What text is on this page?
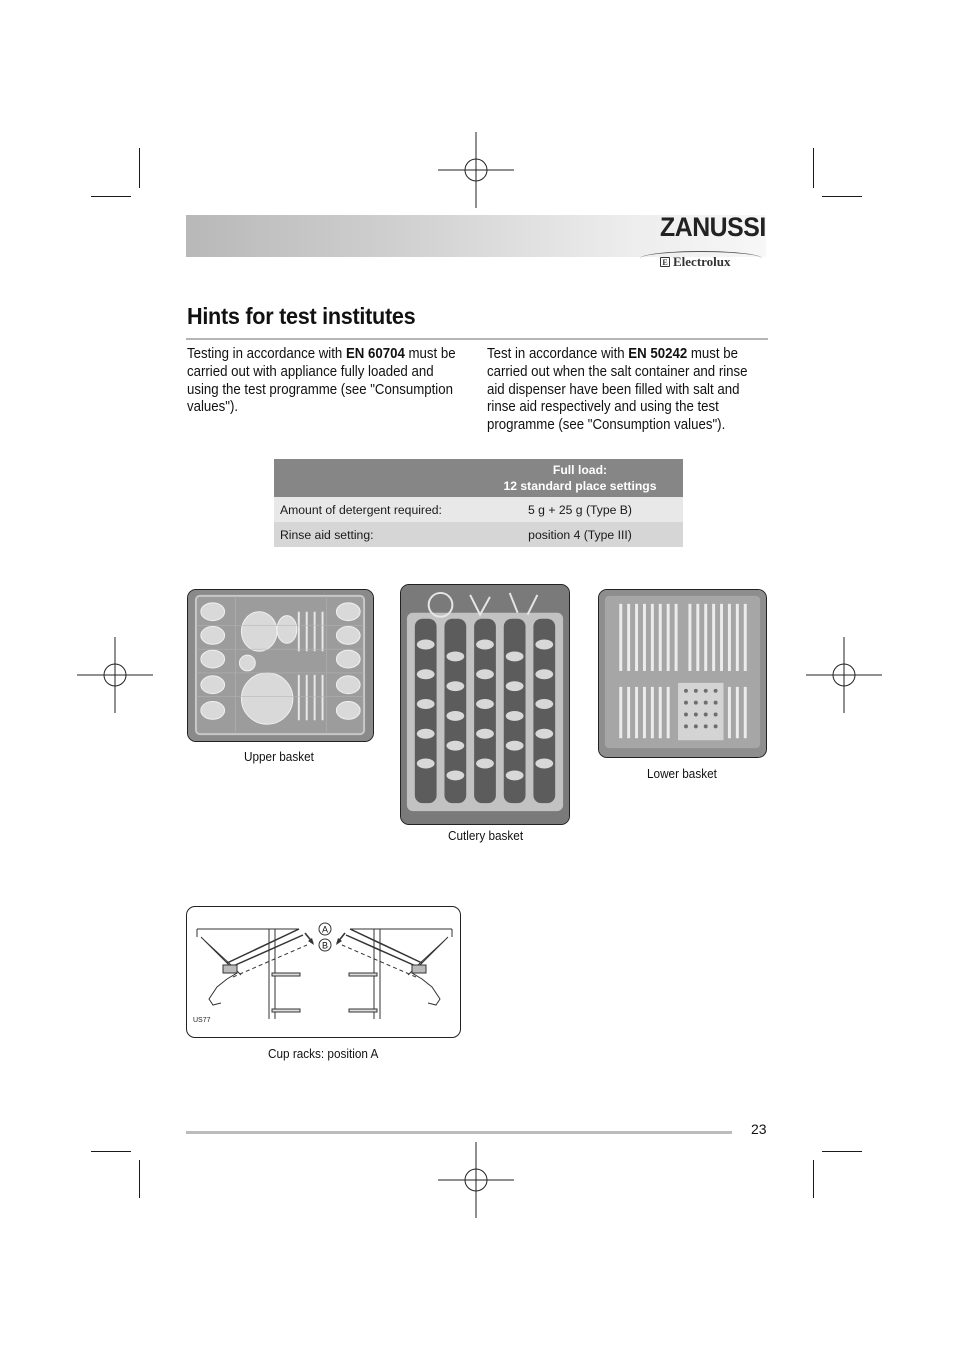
ZANUSSI
E Electrolux
Hints for test institutes
Testing in accordance with EN 60704 must be carried out with appliance fully loaded and using the test programme (see "Consumption values").
Test in accordance with EN 50242 must be carried out when the salt container and rinse aid dispenser have been filled with salt and rinse aid respectively and using the test programme (see "Consumption values").

	Full load:
12 standard place settings

Amount of detergent required:	5 g + 25 g (Type B)
Rinse aid setting:	position 4 (Type III)
Upper basket
Cutlery basket
Lower basket
A
B
US77
Cup racks: position A
23
